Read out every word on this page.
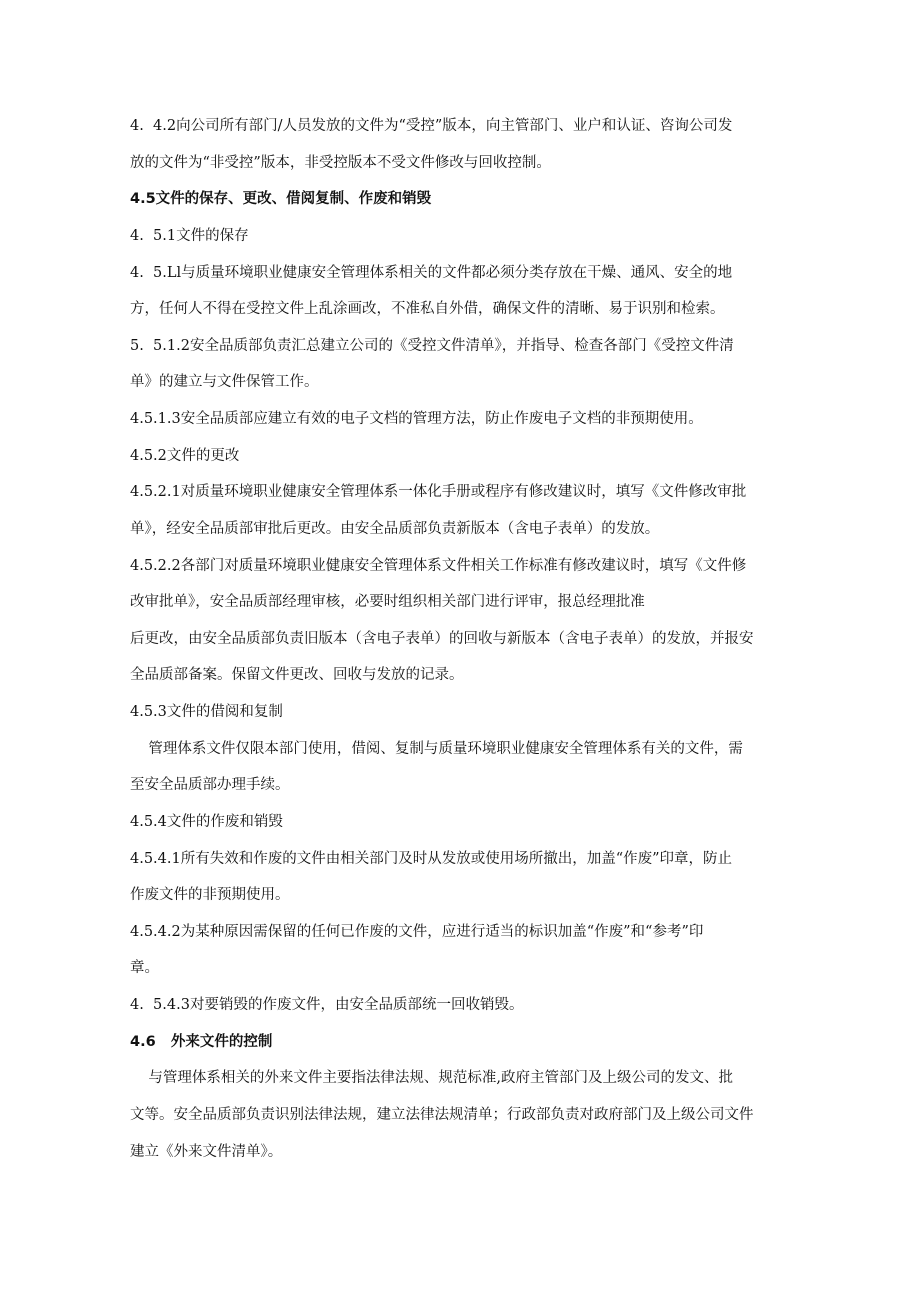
4.  4.2向公司所有部门/人员发放的文件为“受控”版本，向主管部门、业户和认证、咨询公司发
放的文件为“非受控”版本，非受控版本不受文件修改与回收控制。
4.5文件的保存、更改、借阅复制、作废和销毁
4.  5.1文件的保存
4.  5.Ll与质量环境职业健康安全管理体系相关的文件都必须分类存放在干燥、通风、安全的地
方，任何人不得在受控文件上乱涂画改，不准私自外借，确保文件的清晰、易于识别和检索。
5.  5.1.2安全品质部负责汇总建立公司的《受控文件清单》，并指导、检查各部门《受控文件清
单》的建立与文件保管工作。
4.5.1.3安全品质部应建立有效的电子文档的管理方法，防止作废电子文档的非预期使用。
4.5.2文件的更改
4.5.2.1对质量环境职业健康安全管理体系一体化手册或程序有修改建议时，填写《文件修改审批
单》，经安全品质部审批后更改。由安全品质部负责新版本（含电子表单）的发放。
4.5.2.2各部门对质量环境职业健康安全管理体系文件相关工作标准有修改建议时，填写《文件修
改审批单》，安全品质部经理审核，必要时组织相关部门进行评审，报总经理批准
后更改，由安全品质部负责旧版本（含电子表单）的回收与新版本（含电子表单）的发放，并报安
全品质部备案。保留文件更改、回收与发放的记录。
4.5.3文件的借阅和复制
管理体系文件仅限本部门使用，借阅、复制与质量环境职业健康安全管理体系有关的文件，需
至安全品质部办理手续。
4.5.4文件的作废和销毁
4.5.4.1所有失效和作废的文件由相关部门及时从发放或使用场所撤出，加盖“作废”印章，防止
作废文件的非预期使用。
4.5.4.2为某种原因需保留的任何已作废的文件，应进行适当的标识加盖“作废”和“参考”印
章。
4.  5.4.3对要销毁的作废文件，由安全品质部统一回收销毁。
4.6   外来文件的控制
与管理体系相关的外来文件主要指法律法规、规范标准,政府主管部门及上级公司的发文、批
文等。安全品质部负责识别法律法规，建立法律法规清单；行政部负责对政府部门及上级公司文件
建立《外来文件清单》。
